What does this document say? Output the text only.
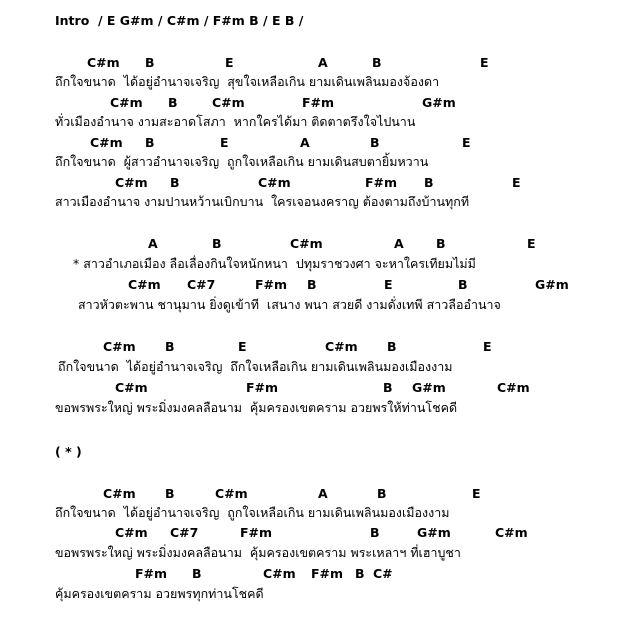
Intro  / E G#m / C#m / F#m B / E B /
C#m B	E	A	B	E
ถึกใจขนาด  ได้อยู่อำนาจเจริญ  สุขใจเหลือเกิน ยามเดินเพลินมองจ้องดา
C#m B	C#m	F#m	G#m
ทั่วเมืองอำนาจ งามสะอาดโสภา  หากใครได้มา ติดตาตรึงใจไปนาน
C#m B	E	A	B	E
ถึกใจขนาด  ผู้สาวอำนาจเจริญ  ถูกใจเหลือเกิน ยามเดินสบตายิ้มหวาน
C#m B	C#m	F#m B	E
สาวเมืองอำนาจ งามปานหว้านเบิกบาน  ใครเจอนงคราญ ต้องตามถึงบ้านทุกที
A	B	C#m	A	B	E
* สาวอำเภอเมือง ลือเลื่องกินใจหนักหนา  ปทุมราชวงศา จะหาใครเทียมไม่มี
C#m C#7	F#m B	E	B	G#m
สาวหัวตะพาน ชานุมาน ยิ่งดูเข้าที  เสนาง พนา สวยดี งามดั่งเทพี สาวลืออำนาจ
C#m B	E	C#m B	E
ถึกใจขนาด  ได้อยู่อำนาจเจริญ  ถึกใจเหลือเกิน ยามเดินเพลินมองเมืองงาม
C#m	F#m	B G#m	C#m
ขอพรพระใหญ่ พระมิ่งมงคลลือนาม  คุ้มครองเขตคราม อวยพรให้ท่านโชคดี
( * )
C#m B	C#m	A	B	E
ถึกใจขนาด  ได้อยู่อำนาจเจริญ  ถูกใจเหลือเกิน ยามเดินเพลินมองเมืองงาม
C#m C#7	F#m	B	G#m	C#m
ขอพรพระใหญ่ พระมิ่งมงคลลือนาม  คุ้มครองเขตคราม พระเหลาฯ ที่เฮาบูชา
F#m B	C#m F#m B C#
คุ้มครองเขตคราม อวยพรทุกท่านโชคดี
